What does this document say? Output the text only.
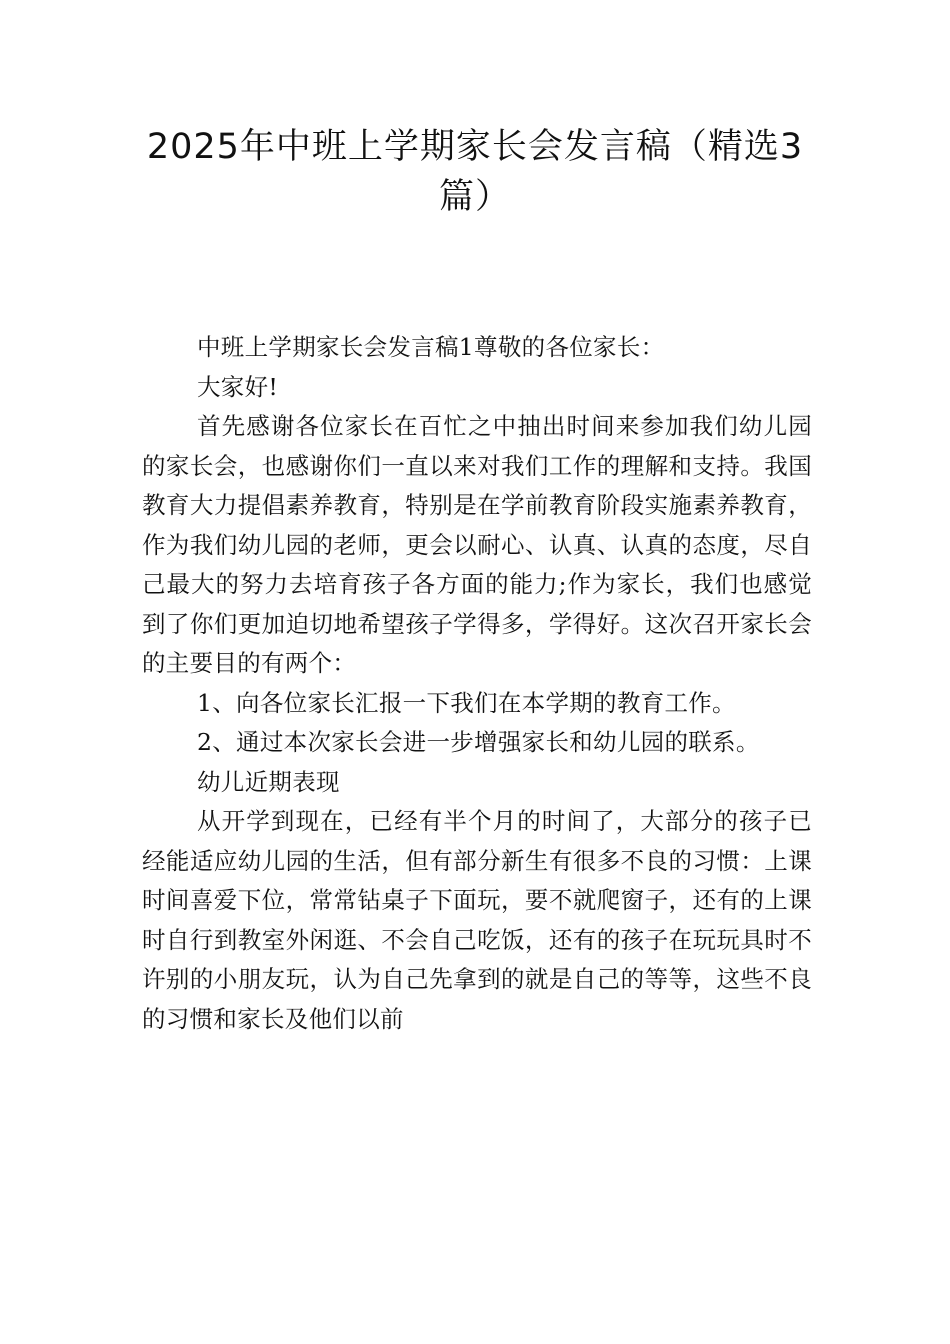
2025年中班上学期家长会发言稿（精选3
篇）

中班上学期家长会发言稿1尊敬的各位家长：

大家好!

首先感谢各位家长在百忙之中抽出时间来参加我们幼儿园的家长会，也感谢你们一直以来对我们工作的理解和支持。我国教育大力提倡素养教育，特别是在学前教育阶段实施素养教育，作为我们幼儿园的老师，更会以耐心、认真、认真的态度，尽自己最大的努力去培育孩子各方面的能力;作为家长，我们也感觉到了你们更加迫切地希望孩子学得多，学得好。这次召开家长会的主要目的有两个：

1、向各位家长汇报一下我们在本学期的教育工作。

2、通过本次家长会进一步增强家长和幼儿园的联系。

幼儿近期表现

从开学到现在，已经有半个月的时间了，大部分的孩子已经能适应幼儿园的生活，但有部分新生有很多不良的习惯：上课时间喜爱下位，常常钻桌子下面玩，要不就爬窗子，还有的上课时自行到教室外闲逛、不会自己吃饭，还有的孩子在玩玩具时不许别的小朋友玩，认为自己先拿到的就是自己的等等，这些不良的习惯和家长及他们以前
